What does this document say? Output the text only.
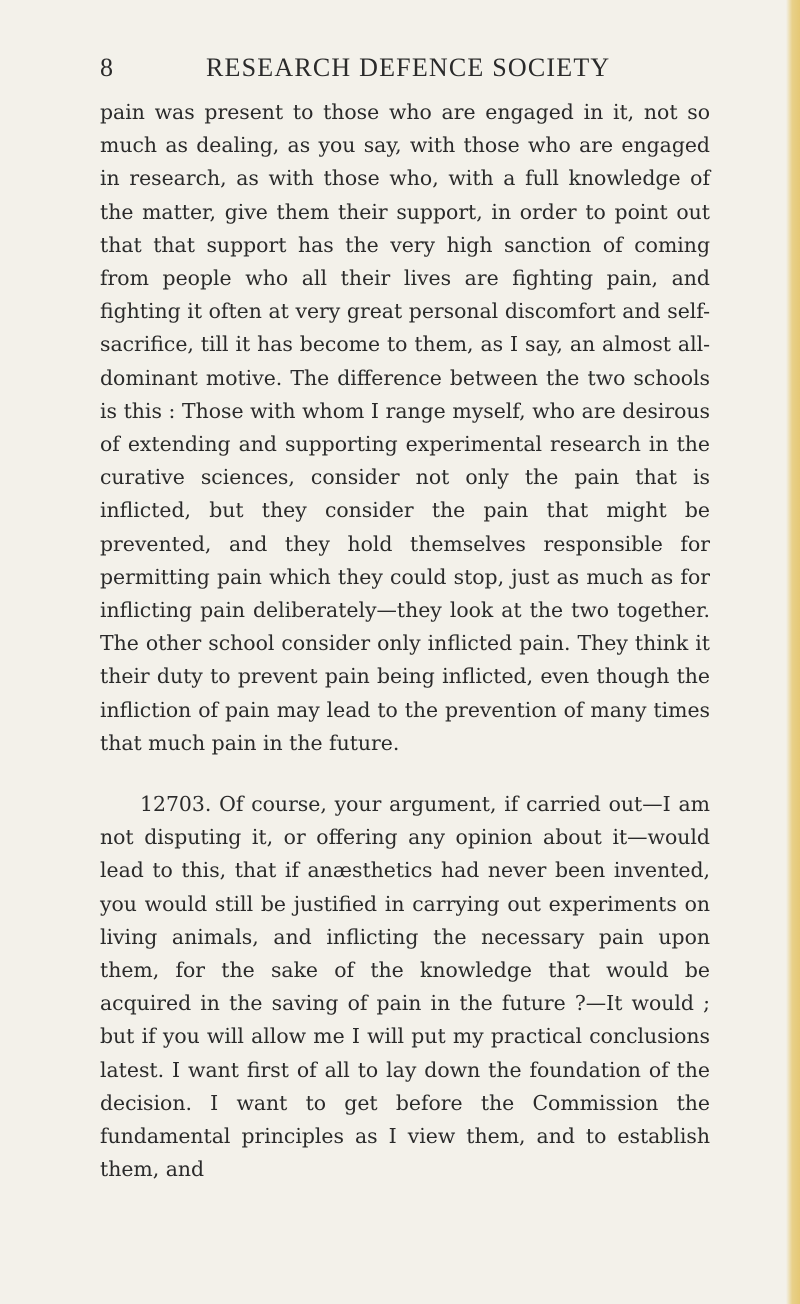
8	RESEARCH DEFENCE SOCIETY

pain was present to those who are engaged in it, not so much as dealing, as you say, with those who are engaged in research, as with those who, with a full knowledge of the matter, give them their support, in order to point out that that support has the very high sanction of coming from people who all their lives are fighting pain, and fighting it often at very great personal discomfort and self-sacrifice, till it has become to them, as I say, an almost all-dominant motive. The difference between the two schools is this : Those with whom I range myself, who are desirous of extending and supporting experimental research in the curative sciences, consider not only the pain that is inflicted, but they consider the pain that might be prevented, and they hold themselves responsible for permitting pain which they could stop, just as much as for inflicting pain deliberately—they look at the two together. The other school consider only inflicted pain. They think it their duty to prevent pain being inflicted, even though the infliction of pain may lead to the prevention of many times that much pain in the future.

12703. Of course, your argument, if carried out—I am not disputing it, or offering any opinion about it—would lead to this, that if anæsthetics had never been invented, you would still be justified in carrying out experiments on living animals, and inflicting the necessary pain upon them, for the sake of the knowledge that would be acquired in the saving of pain in the future ?—It would ; but if you will allow me I will put my practical conclusions latest. I want first of all to lay down the foundation of the decision. I want to get before the Commission the fundamental principles as I view them, and to establish them, and
